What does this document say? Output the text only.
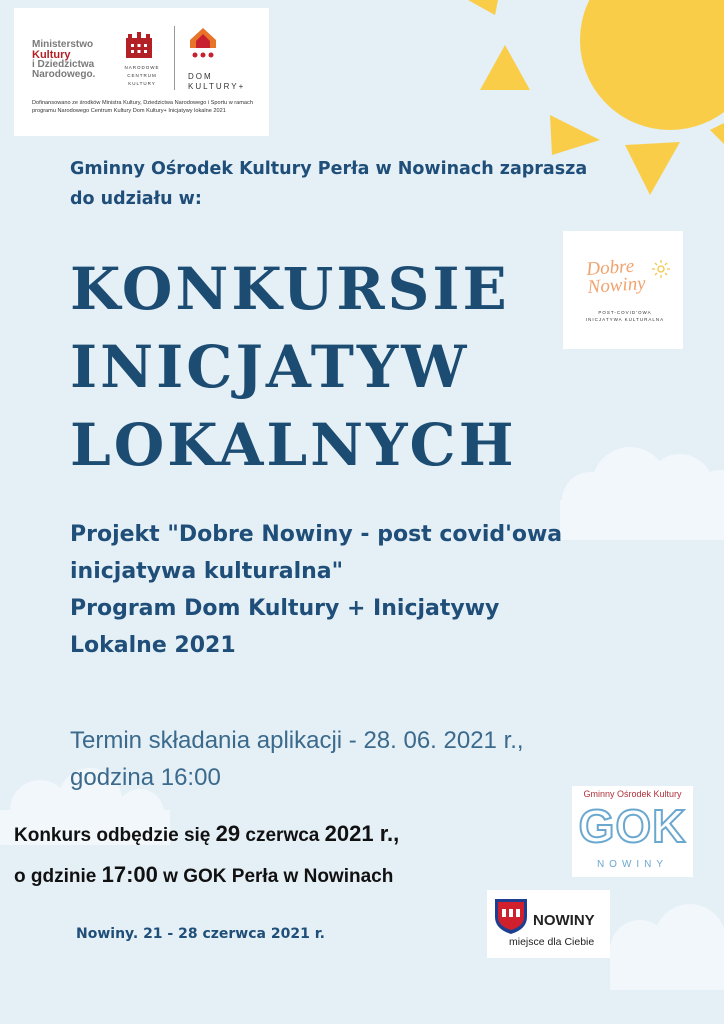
Ministerstwo
Kultury
i Dziedzictwa
Narodowego.
NARODOWE
CENTRUM
KULTURY
DOM
KULTURY+
Dofinansowano ze środków Ministra Kultury, Dziedzictwa Narodowego i Sportu w ramach programu Narodowego Centrum Kultury Dom Kultury+ Inicjatywy lokalne 2021
Gminny Ośrodek Kultury Perła w Nowinach zaprasza
do udziału w:
KONKURSIE
INICJATYW
LOKALNYCH
Dobre
Nowiny
POST-COVID'OWA
INICJATYWA KULTURALNA
Projekt "Dobre Nowiny - post covid'owa
inicjatywa kulturalna"
Program Dom Kultury + Inicjatywy
Lokalne 2021
Termin składania aplikacji - 28. 06. 2021 r.,
godzina 16:00
Konkurs odbędzie się 29 czerwca 2021 r.,
o gdzinie 17:00 w GOK Perła w Nowinach
Gminny Ośrodek Kultury
GOK
NOWINY
NOWINY
miejsce dla Ciebie
Nowiny. 21 - 28 czerwca 2021 r.
